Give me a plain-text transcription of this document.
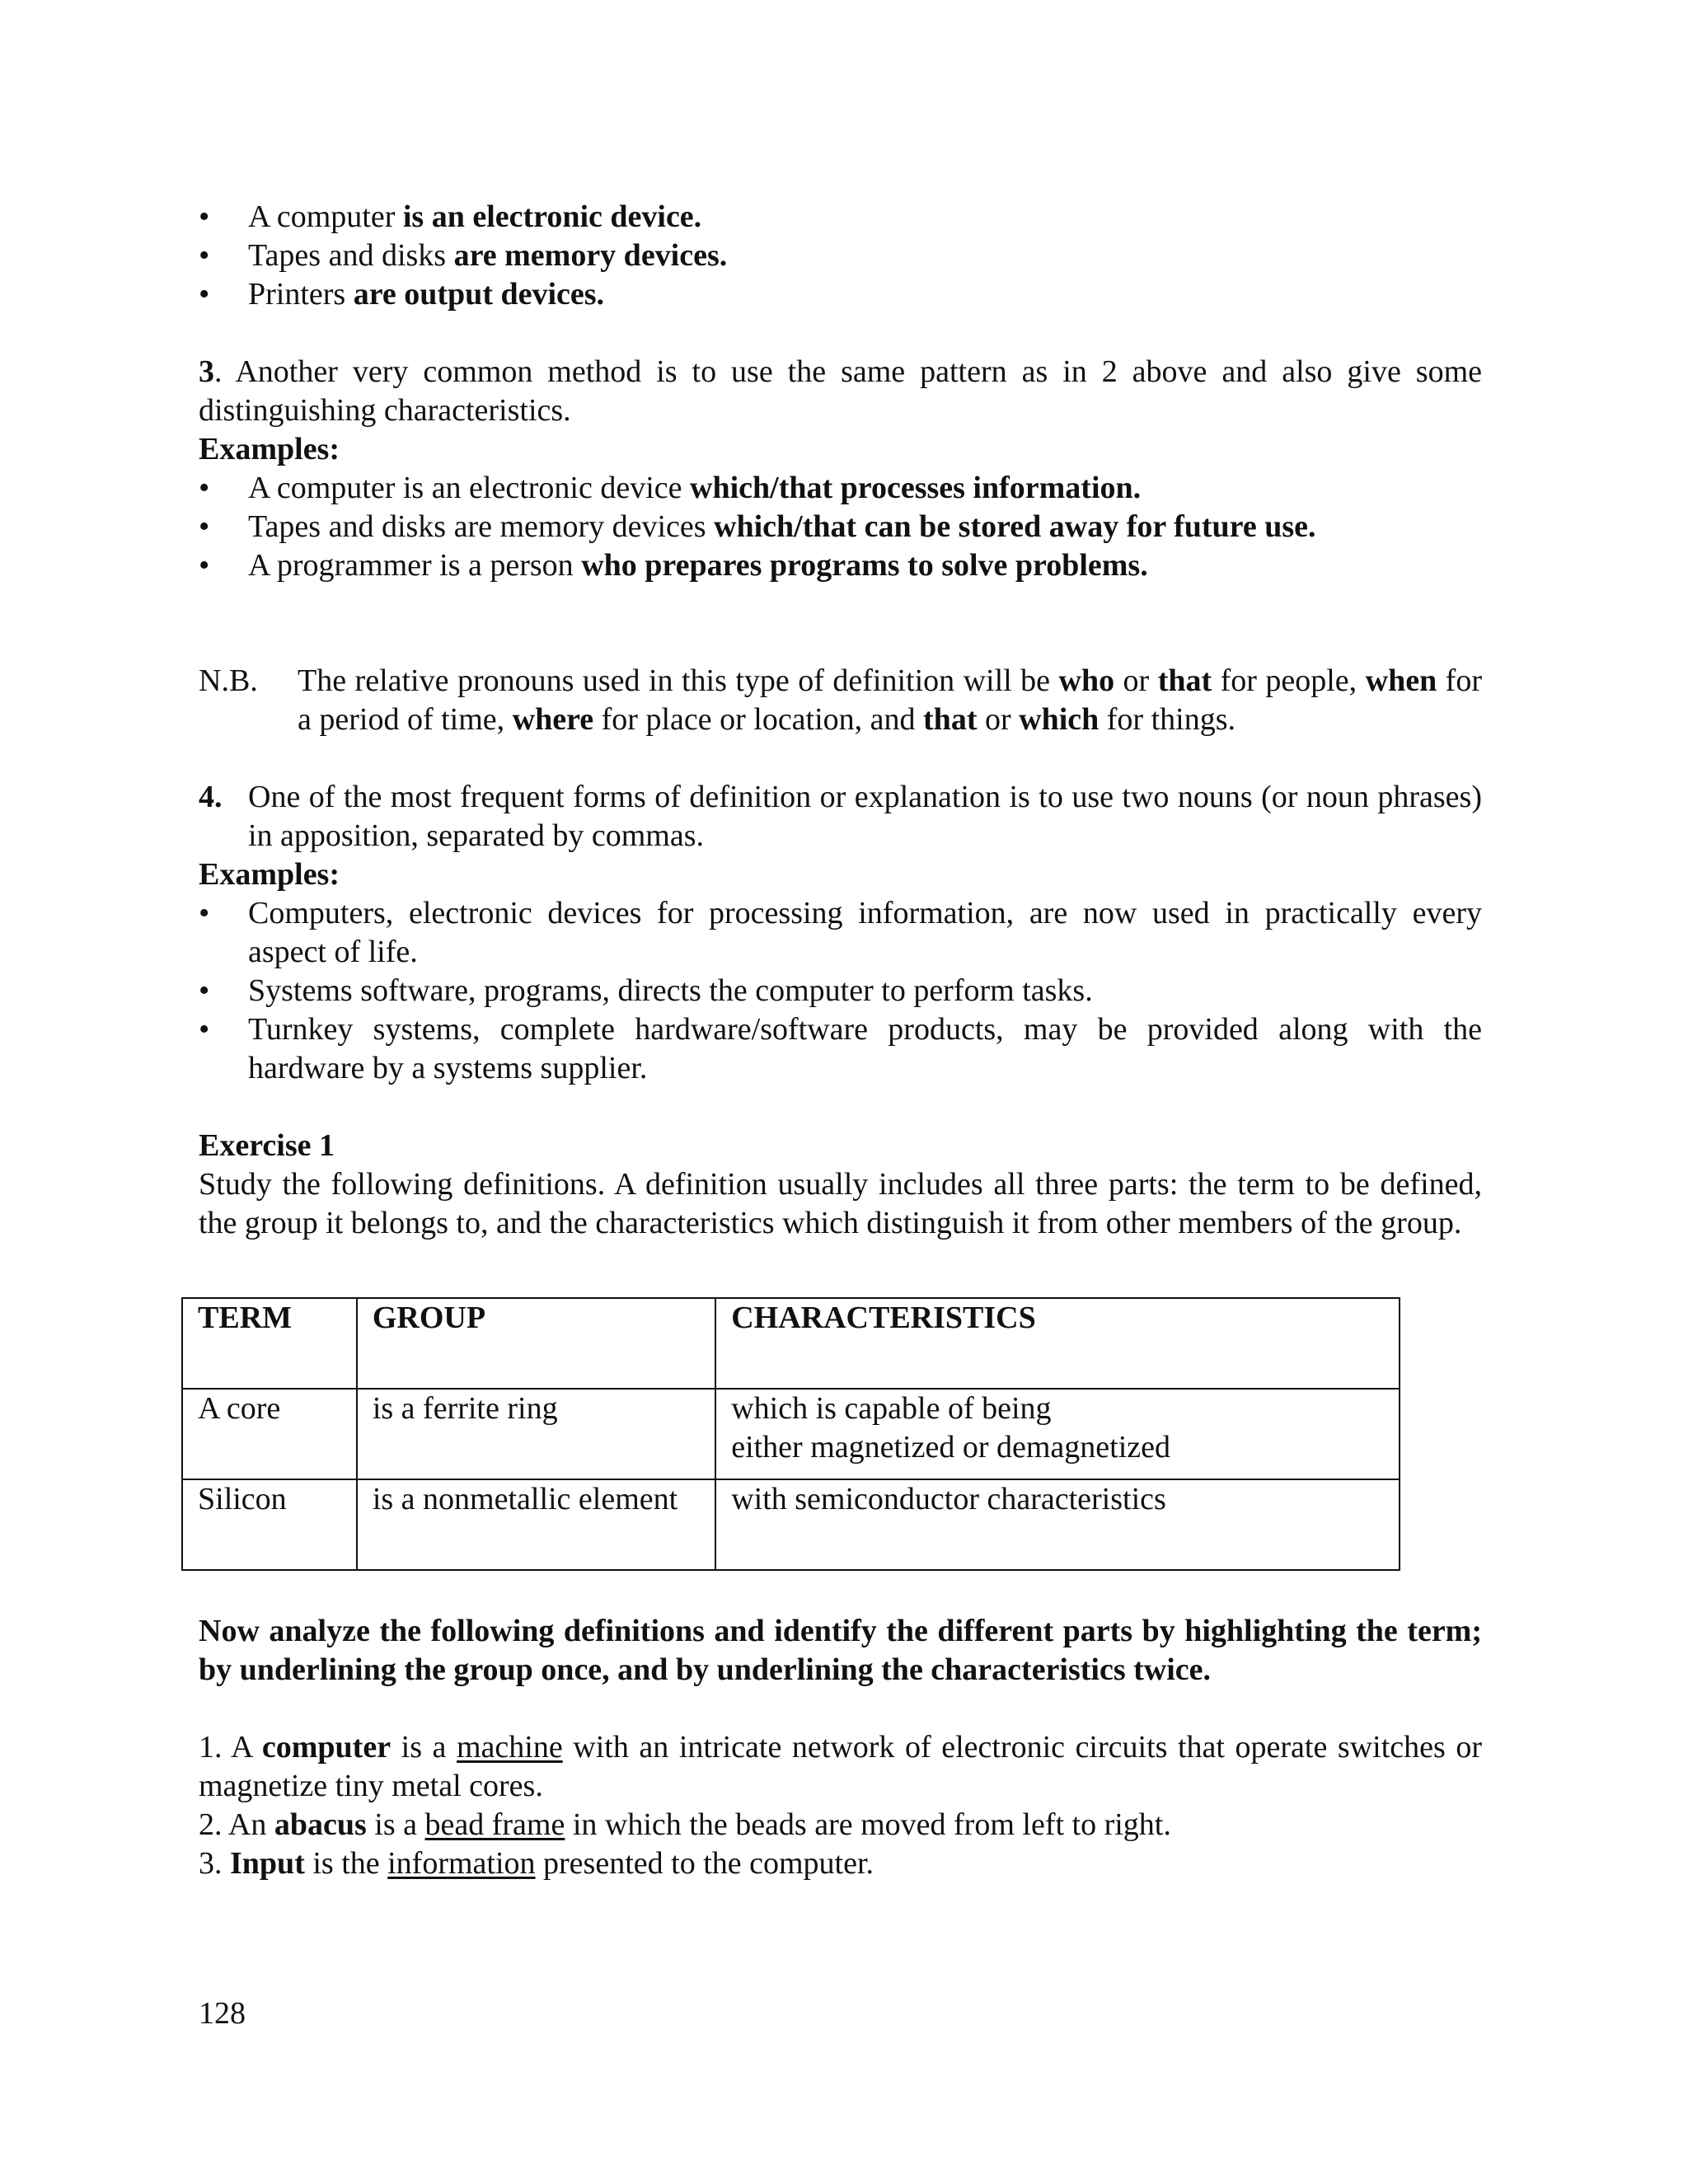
• A computer is an electronic device.
• Tapes and disks are memory devices.
• Printers are output devices.

3. Another very common method is to use the same pattern as in 2 above and also give some distinguishing characteristics.

Examples:

• A computer is an electronic device which/that processes information.
• Tapes and disks are memory devices which/that can be stored away for future use.
• A programmer is a person who prepares programs to solve problems.
N.B.	The relative pronouns used in this type of definition will be who or that for people, when for a period of time, where for place or location, and that or which for things.
4. One of the most frequent forms of definition or explanation is to use two nouns (or noun phrases) in apposition, separated by commas.

Examples:

• Computers, electronic devices for processing information, are now used in practically every aspect of life.
• Systems software, programs, directs the computer to perform tasks.
• Turnkey systems, complete hardware/software products, may be provided along with the hardware by a systems supplier.

Exercise 1

Study the following definitions. A definition usually includes all three parts: the term to be defined, the group it belongs to, and the characteristics which distinguish it from other members of the group.

TERM	GROUP	CHARACTERISTICS
A core	is a ferrite ring	which is capable of being
either magnetized or demagnetized

Silicon	is a nonmetallic element	with semiconductor characteristics

Now analyze the following definitions and identify the different parts by highlighting the term; by underlining the group once, and by underlining the characteristics twice.

1. A computer is a machine with an intricate network of electronic circuits that operate switches or magnetize tiny metal cores.

2. An abacus is a bead frame in which the beads are moved from left to right.

3. Input is the information presented to the computer.

128
